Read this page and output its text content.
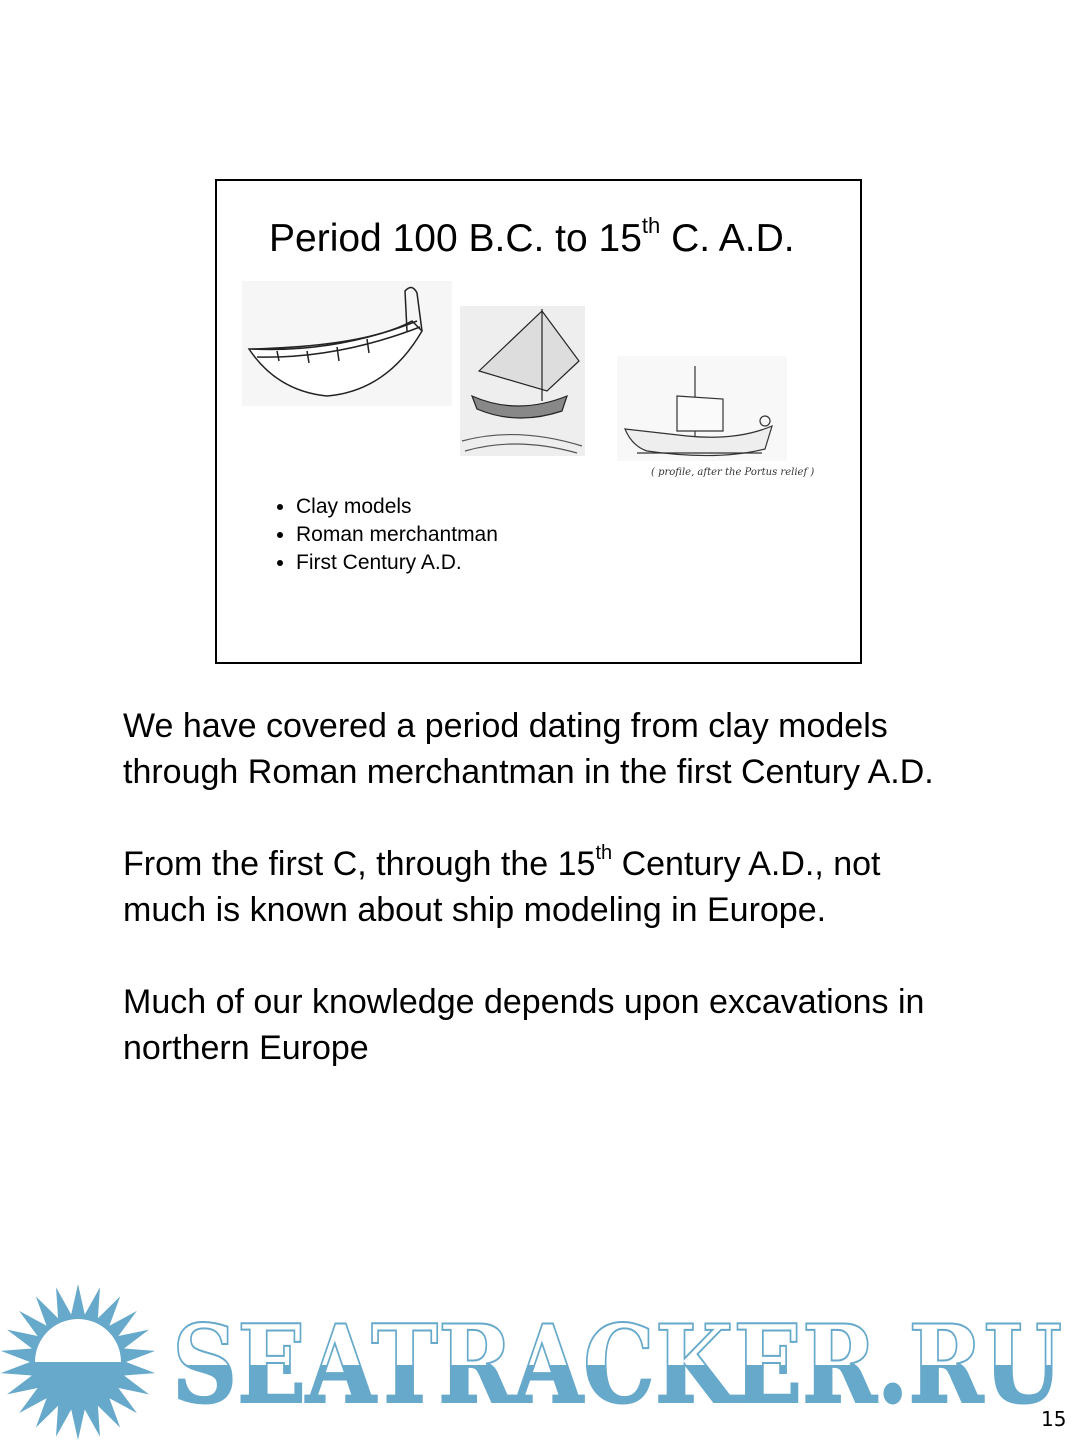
Period 100 B.C. to 15th C. A.D.
( profile, after the Portus relief )
• Clay models
• Roman merchantman
• First Century A.D.

We have covered a period dating from clay models through Roman merchantman in the first Century A.D.

From the first C, through the 15th Century A.D., not much is known about ship modeling in Europe.

Much of our knowledge depends upon excavations in northern Europe

SEATRACKER.RU
15
